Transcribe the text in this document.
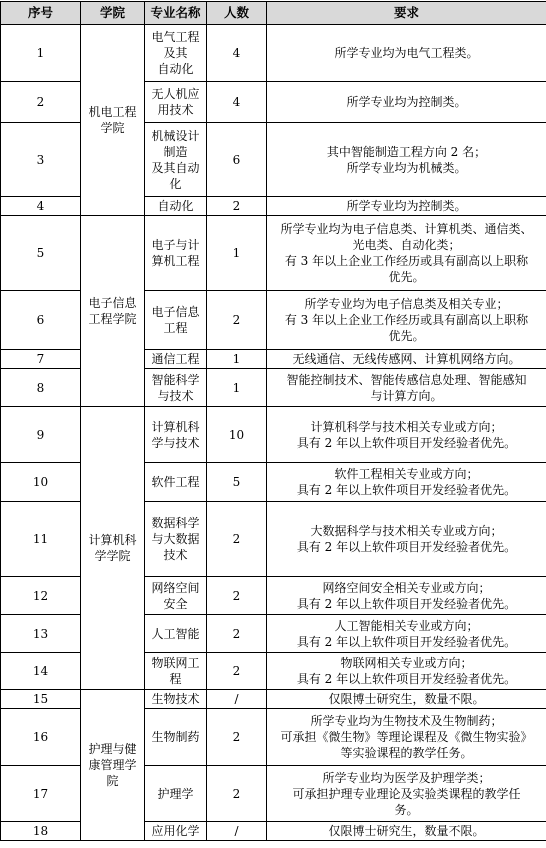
序号	学院	专业名称	人数	要求
1	机电工程
学院	电气工程
及其
自动化	4	所学专业均为电气工程类。
2		无人机应
用技术	4	所学专业均为控制类。
3		机械设计
制造
及其自动
化	6	其中智能制造工程方向 2 名；
所学专业均为机械类。
4		自动化	2	所学专业均为控制类。
5	电子信息
工程学院	电子与计
算机工程	1	所学专业均为电子信息类、计算机类、通信类、
光电类、自动化类；
有 3 年以上企业工作经历或具有副高以上职称
优先。
6		电子信息
工程	2	所学专业均为电子信息类及相关专业；
有 3 年以上企业工作经历或具有副高以上职称
优先。
7		通信工程	1	无线通信、无线传感网、计算机网络方向。
8		智能科学
与技术	1	智能控制技术、智能传感信息处理、智能感知
与计算方向。
9	计算机科
学学院	计算机科
学与技术	10	计算机科学与技术相关专业或方向；
具有 2 年以上软件项目开发经验者优先。
10		软件工程	5	软件工程相关专业或方向；
具有 2 年以上软件项目开发经验者优先。
11		数据科学
与大数据
技术	2	大数据科学与技术相关专业或方向；
具有 2 年以上软件项目开发经验者优先。
12		网络空间
安全	2	网络空间安全相关专业或方向；
具有 2 年以上软件项目开发经验者优先。
13		人工智能	2	人工智能相关专业或方向；
具有 2 年以上软件项目开发经验者优先。
14		物联网工
程	2	物联网相关专业或方向；
具有 2 年以上软件项目开发经验者优先。
15	护理与健
康管理学
院	生物技术	/	仅限博士研究生，数量不限。
16		生物制药	2	所学专业均为生物技术及生物制药；
可承担《微生物》等理论课程及《微生物实验》
等实验课程的教学任务。
17		护理学	2	所学专业均为医学及护理学类；
可承担护理专业理论及实验类课程的教学任
务。
18		应用化学	/	仅限博士研究生，数量不限。
